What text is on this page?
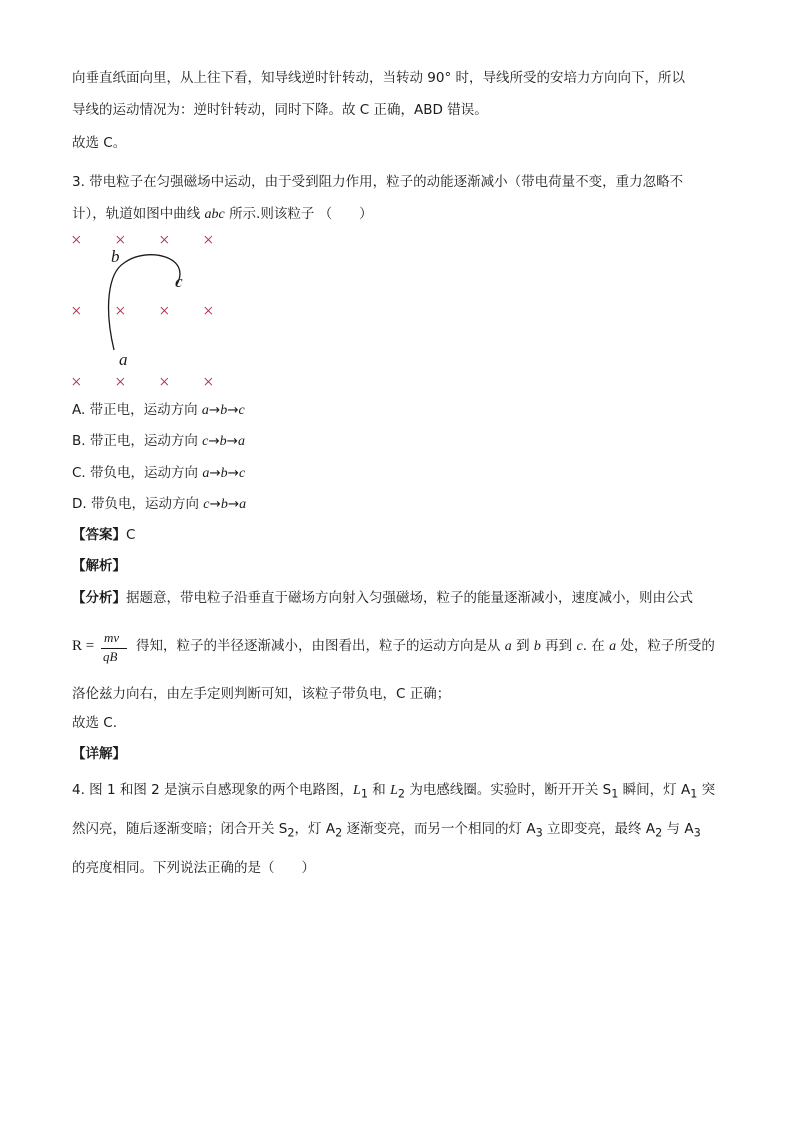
向垂直纸面向里，从上往下看，知导线逆时针转动，当转动 90° 时，导线所受的安培力方向向下，所以
导线的运动情况为：逆时针转动，同时下降。故 C 正确，ABD 错误。
故选 C。
3. 带电粒子在匀强磁场中运动，由于受到阻力作用，粒子的动能逐渐减小（带电荷量不变，重力忽略不
计），轨道如图中曲线 abc 所示.则该粒子 （　　）
× × × ×
× × × ×
× × × ×
a
b
c
A. 带正电，运动方向 a→b→c
B. 带正电，运动方向 c→b→a
C. 带负电，运动方向 a→b→c
D. 带负电，运动方向 c→b→a
【答案】C
【解析】
【分析】据题意，带电粒子沿垂直于磁场方向射入匀强磁场，粒子的能量逐渐减小，速度减小，则由公式
R =
mv
qB
得知，粒子的半径逐渐减小，由图看出，粒子的运动方向是从 a 到 b 再到 c. 在 a 处，粒子所受的
洛伦兹力向右，由左手定则判断可知，该粒子带负电，C 正确；
故选 C.
【详解】
4. 图 1 和图 2 是演示自感现象的两个电路图，$L_1$ 和 $L_2$ 为电感线圈。实验时，断开开关 $S_1$ 瞬间，灯 $A_1$ 突
然闪亮，随后逐渐变暗；闭合开关 $S_2$，灯 $A_2$ 逐渐变亮，而另一个相同的灯 $A_3$ 立即变亮，最终 $A_2$ 与 $A_3$
的亮度相同。下列说法正确的是（　　）
